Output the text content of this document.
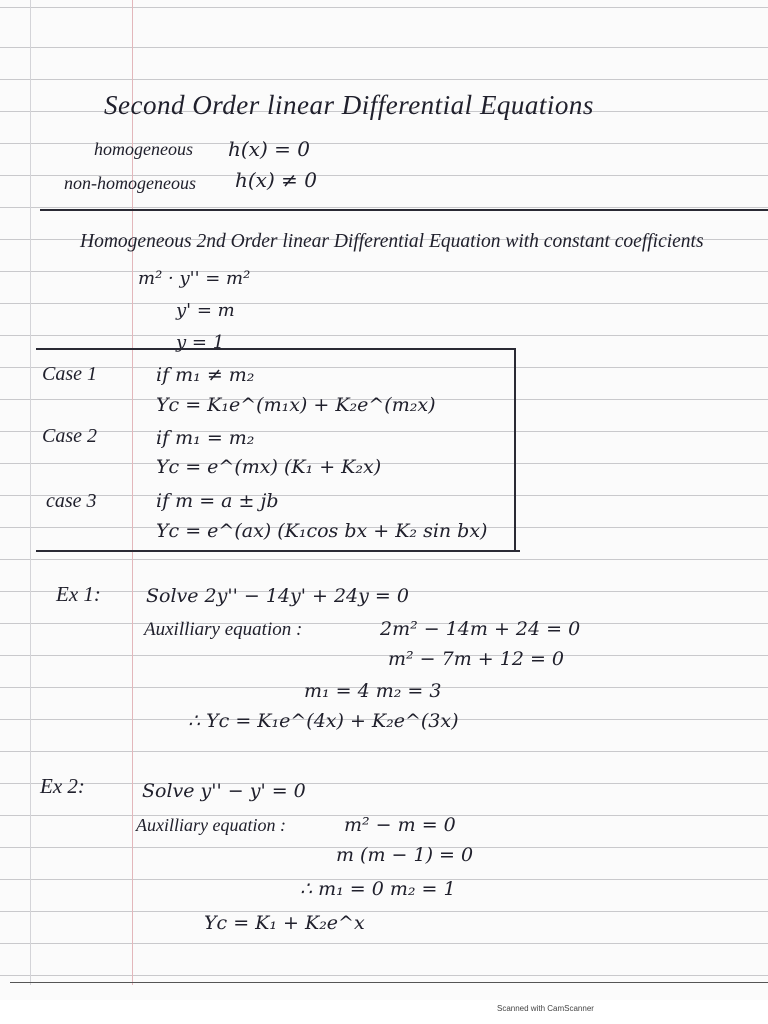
Second Order linear Differential Equations
homogeneous h(x) = 0
non-homogeneous h(x) ≠ 0
Homogeneous 2nd Order linear Differential Equation with constant coefficients
m² · y'' = m²
y' = m
y = 1
Case 1	if m₁ ≠ m₂
Yc = K₁e^(m₁x) + K₂e^(m₂x)
Case 2	if m₁ = m₂
Yc = e^(mx) (K₁ + K₂x)
case 3	if m = a ± jb
Yc = e^(ax) (K₁cos bx + K₂ sin bx)
Ex 1: Solve 2y'' − 14y' + 24y = 0
Auxilliary equation :	2m² − 14m + 24 = 0
m² − 7m + 12 = 0
m₁ = 4 m₂ = 3
∴ Yc = K₁e^(4x) + K₂e^(3x)
Ex 2:	Solve y'' − y' = 0
Auxilliary equation :	m² − m = 0
m (m − 1) = 0
∴ m₁ = 0 m₂ = 1
Yc = K₁ + K₂e^x
Scanned with CamScanner
